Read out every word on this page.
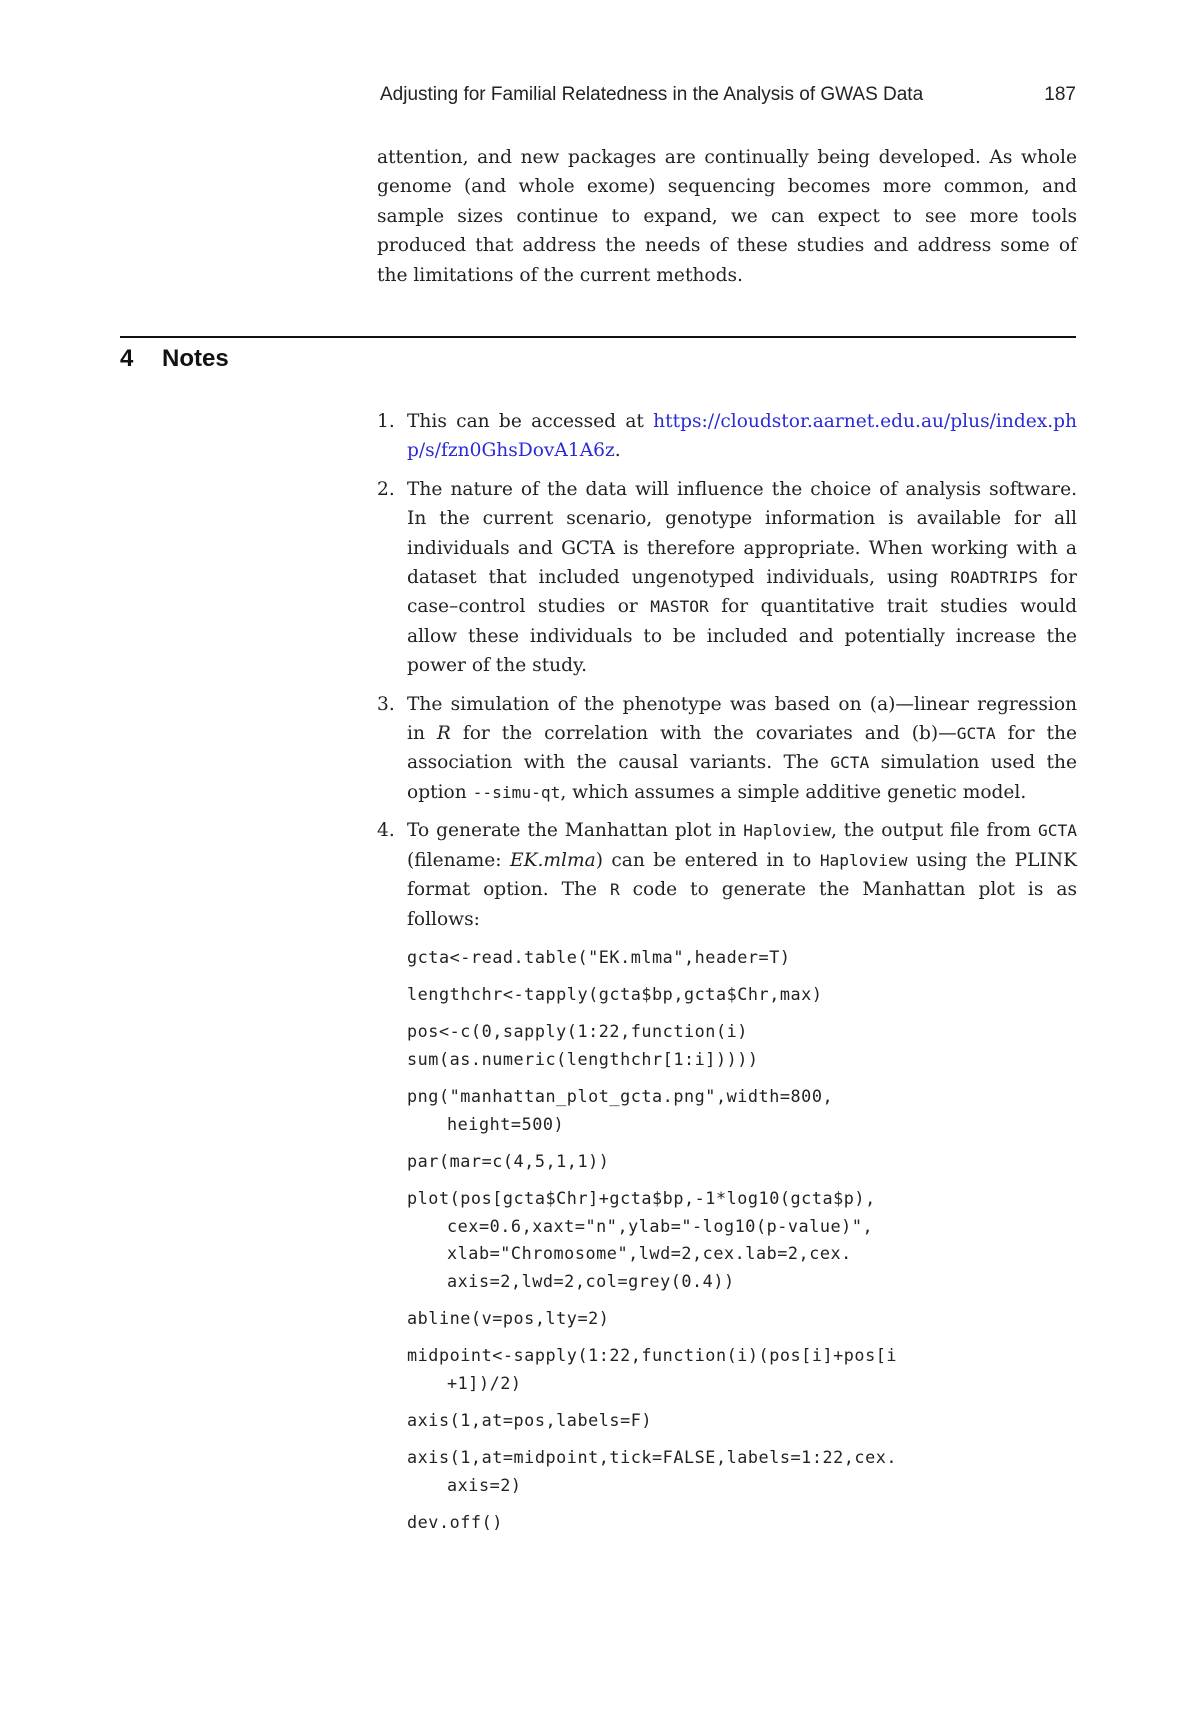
Adjusting for Familial Relatedness in the Analysis of GWAS Data	187

attention, and new packages are continually being developed. As whole genome (and whole exome) sequencing becomes more common, and sample sizes continue to expand, we can expect to see more tools produced that address the needs of these studies and address some of the limitations of the current methods.

4 Notes
1. This can be accessed at https://cloudstor.aarnet.edu.au/plus/index.php/s/fzn0GhsDovA1A6z.
2. The nature of the data will influence the choice of analysis software. In the current scenario, genotype information is available for all individuals and GCTA is therefore appropriate. When working with a dataset that included ungenotyped individuals, using ROADTRIPS for case–control studies or MASTOR for quantitative trait studies would allow these individuals to be included and potentially increase the power of the study.
3. The simulation of the phenotype was based on (a)—linear regression in R for the correlation with the covariates and (b)—GCTA for the association with the causal variants. The GCTA simulation used the option --simu-qt, which assumes a simple additive genetic model.
4. To generate the Manhattan plot in Haploview, the output file from GCTA (filename: EK.mlma) can be entered in to Haploview using the PLINK format option. The R code to generate the Manhattan plot is as follows:
gcta<-read.table("EK.mlma",header=T)
lengthchr<-tapply(gcta$bp,gcta$Chr,max)
pos<-c(0,sapply(1:22,function(i)
sum(as.numeric(lengthchr[1:i]))))
png("manhattan_plot_gcta.png",width=800,
height=500)
par(mar=c(4,5,1,1))
plot(pos[gcta$Chr]+gcta$bp,-1*log10(gcta$p),
cex=0.6,xaxt="n",ylab="-log10(p-value)",
xlab="Chromosome",lwd=2,cex.lab=2,cex.
axis=2,lwd=2,col=grey(0.4))
abline(v=pos,lty=2)
midpoint<-sapply(1:22,function(i)(pos[i]+pos[i
+1])/2)
axis(1,at=pos,labels=F)
axis(1,at=midpoint,tick=FALSE,labels=1:22,cex.
axis=2)
dev.off()
